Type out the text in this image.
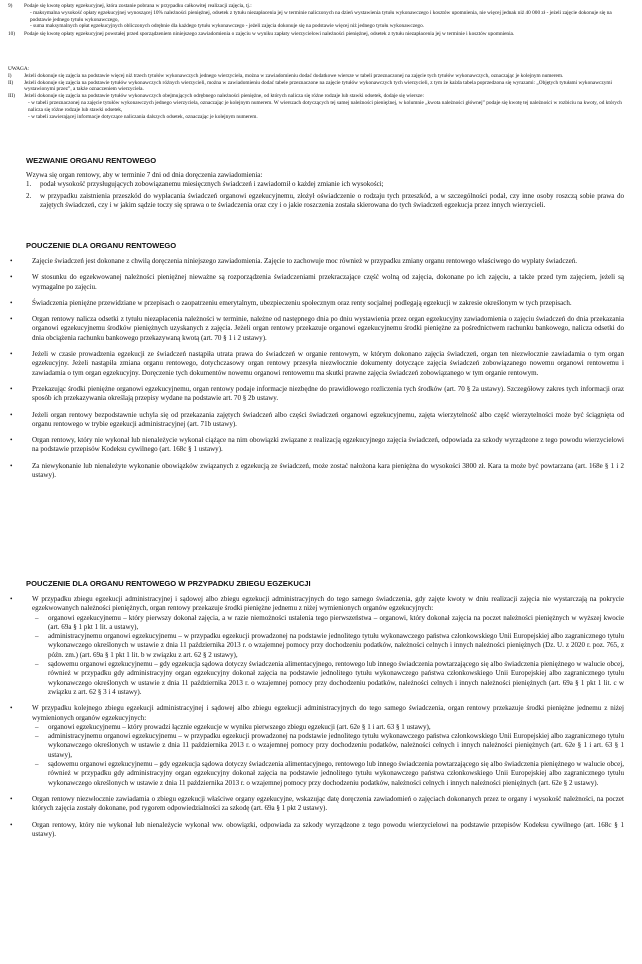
9)	Podaje się kwotę opłaty egzekucyjnej, która zostanie pobrana w przypadku całkowitej realizacji zajęcia, tj.:
- maksymalna wysokość opłaty egzekucyjnej wynoszącej 10% należności pieniężnej, odsetek z tytułu niezapłacenia jej w terminie naliczonych na dzień wystawienia tytułu wykonawczego i kosztów upomnienia, nie więcej jednak niż 40 000 zł - jeżeli zajęcie dokonuje się na podstawie jednego tytułu wykonawczego,
- suma maksymalnych opłat egzekucyjnych obliczonych odrębnie dla każdego tytułu wykonawczego - jeżeli zajęcia dokonuje się na podstawie więcej niż jednego tytułu wykonawczego.
10)	Podaje się kwotę opłaty egzekucyjnej powstałej przed sporządzeniem niniejszego zawiadomienia o zajęciu w wyniku zapłaty wierzycielowi należności pieniężnej, odsetek z tytułu niezapłacenia jej w terminie i kosztów upomnienia.
UWAGA:
I)	Jeżeli dokonuje się zajęcia na podstawie więcej niż trzech tytułów wykonawczych jednego wierzyciela, można w zawiadomieniu dodać dodatkowe wiersze w tabeli przeznaczonej na zajęcie tych tytułów wykonawczych, oznaczając je kolejnym numerem.
II)	Jeżeli dokonuje się zajęcia na podstawie tytułów wykonawczych różnych wierzycieli, można w zawiadomieniu dodać tabele przeznaczone na zajęcie tytułów wykonawczych tych wierzycieli, z tym że każda tabela poprzedzona się wyrazami: „Objętych tytułami wykonawczymi wystawionymi przez”, a także oznaczeniem wierzyciela.
III)	Jeżeli dokonuje się zajęcia na podstawie tytułów wykonawczych obejmujących odrębnego należności pieniężne, od których nalicza się różne rodzaje lub stawki odsetek, dodaje się wiersze:
- w tabeli przeznaczonej na zajęcie tytułów wykonawczych jednego wierzyciela, oznaczając je kolejnym numerem. W wierszach dotyczących tej samej należności pieniężnej, w kolumnie „kwota należności głównej” podaje się kwotę tej należności w rozbiciu na kwoty, od których nalicza się różne rodzaje lub stawki odsetek,
- w tabeli zawierającej informacje dotyczące naliczania dalszych odsetek, oznaczając je kolejnym numerem.
WEZWANIE ORGANU RENTOWEGO
Wzywa się organ rentowy, aby w terminie 7 dni od dnia doręczenia zawiadomienia:
1.	podał wysokość przysługujących zobowiązanemu miesięcznych świadczeń i zawiadomił o każdej zmianie ich wysokości;
2.	w przypadku zaistnienia przeszkód do wypłacania świadczeń organowi egzekucyjnemu, złożył oświadczenie o rodzaju tych przeszkód, a w szczególności podał, czy inne osoby roszczą sobie prawa do zajętych świadczeń, czy i w jakim sądzie toczy się sprawa o te świadczenia oraz czy i o jakie roszczenia została skierowana do tych świadczeń egzekucja przez innych wierzycieli.
POUCZENIE DLA ORGANU RENTOWEGO
• Zajęcie świadczeń jest dokonane z chwilą doręczenia niniejszego zawiadomienia. Zajęcie to zachowuje moc również w przypadku zmiany organu rentowego właściwego do wypłaty świadczeń.
• W stosunku do egzekwowanej należności pieniężnej nieważne są rozporządzenia świadczeniami przekraczające część wolną od zajęcia, dokonane po ich zajęciu, a także przed tym zajęciem, jeżeli są wymagalne po zajęciu.
• Świadczenia pieniężne przewidziane w przepisach o zaopatrzeniu emerytalnym, ubezpieczeniu społecznym oraz renty socjalnej podlegają egzekucji w zakresie określonym w tych przepisach.
• Organ rentowy nalicza odsetki z tytułu niezapłacenia należności w terminie, należne od następnego dnia po dniu wystawienia przez organ egzekucyjny zawiadomienia o zajęciu świadczeń do dnia przekazania organowi egzekucyjnemu środków pieniężnych uzyskanych z zajęcia. Jeżeli organ rentowy przekazuje organowi egzekucyjnemu środki pieniężne za pośrednictwem rachunku bankowego, nalicza odsetki do dnia obciążenia rachunku bankowego przekazywaną kwotą (art. 70 § 1 i 2 ustawy).
• Jeżeli w czasie prowadzenia egzekucji ze świadczeń nastąpiła utrata prawa do świadczeń w organie rentowym, w którym dokonano zajęcia świadczeń, organ ten niezwłocznie zawiadamia o tym organ egzekucyjny. Jeżeli nastąpiła zmiana organu rentowego, dotychczasowy organ rentowy przesyła niezwłocznie dokumenty dotyczące zajęcia świadczeń zobowiązanego nowemu organowi rentowemu i zawiadamia o tym organ egzekucyjny. Doręczenie tych dokumentów nowemu organowi rentowemu ma skutki prawne zajęcia świadczeń zobowiązanego w tym organie rentowym.
• Przekazując środki pieniężne organowi egzekucyjnemu, organ rentowy podaje informacje niezbędne do prawidłowego rozliczenia tych środków (art. 70 § 2a ustawy). Szczegółowy zakres tych informacji oraz sposób ich przekazywania określają przepisy wydane na podstawie art. 70 § 2b ustawy.
• Jeżeli organ rentowy bezpodstawnie uchyla się od przekazania zajętych świadczeń albo części świadczeń organowi egzekucyjnemu, zajęta wierzytelność albo część wierzytelności może być ściągnięta od organu rentowego w trybie egzekucji administracyjnej (art. 71b ustawy).
• Organ rentowy, który nie wykonał lub nienależycie wykonał ciążące na nim obowiązki związane z realizacją egzekucyjnego zajęcia świadczeń, odpowiada za szkody wyrządzone z tego powodu wierzycielowi na podstawie przepisów Kodeksu cywilnego (art. 168c § 1 ustawy).
• Za niewykonanie lub nienależyte wykonanie obowiązków związanych z egzekucją ze świadczeń, może zostać nałożona kara pieniężna do wysokości 3800 zł. Kara ta może być powtarzana (art. 168e § 1 i 2 ustawy).
POUCZENIE DLA ORGANU RENTOWEGO W PRZYPADKU ZBIEGU EGZEKUCJI
• W przypadku zbiegu egzekucji administracyjnej i sądowej albo zbiegu egzekucji administracyjnych do tego samego świadczenia, gdy zajęte kwoty w dniu realizacji zajęcia nie wystarczają na pokrycie egzekwowanych należności pieniężnych, organ rentowy przekazuje środki pieniężne jednemu z niżej wymienionych organów egzekucyjnych:
– organowi egzekucyjnemu – który pierwszy dokonał zajęcia, a w razie niemożności ustalenia tego pierwszeństwa – organowi, który dokonał zajęcia na poczet należności pieniężnych w wyższej kwocie (art. 69a § 1 pkt 1 lit. a ustawy),
– administracyjnemu organowi egzekucyjnemu – w przypadku egzekucji prowadzonej na podstawie jednolitego tytułu wykonawczego państwa członkowskiego Unii Europejskiej albo zagranicznego tytułu wykonawczego określonych w ustawie z dnia 11 października 2013 r. o wzajemnej pomocy przy dochodzeniu podatków, należności celnych i innych należności pieniężnych (Dz. U. z 2020 r. poz. 765, z późn. zm.) (art. 69a § 1 pkt 1 lit. b w związku z art. 62 § 2 ustawy),
– sądowemu organowi egzekucyjnemu – gdy egzekucja sądowa dotyczy świadczenia alimentacyjnego, rentowego lub innego świadczenia powtarzającego się albo świadczenia pieniężnego w walucie obcej, również w przypadku gdy administracyjny organ egzekucyjny dokonał zajęcia na podstawie jednolitego tytułu wykonawczego państwa członkowskiego Unii Europejskiej albo zagranicznego tytułu wykonawczego określonych w ustawie z dnia 11 października 2013 r. o wzajemnej pomocy przy dochodzeniu podatków, należności celnych i innych należności pieniężnych (art. 69a § 1 pkt 1 lit. c w związku z art. 62 § 3 i 4 ustawy).
• W przypadku kolejnego zbiegu egzekucji administracyjnej i sądowej albo zbiegu egzekucji administracyjnych do tego samego świadczenia, organ rentowy przekazuje środki pieniężne jednemu z niżej wymienionych organów egzekucyjnych:
– organowi egzekucyjnemu – który prowadzi łącznie egzekucje w wyniku pierwszego zbiegu egzekucji (art. 62e § 1 i art. 63 § 1 ustawy),
– administracyjnemu organowi egzekucyjnemu – w przypadku egzekucji prowadzonej na podstawie jednolitego tytułu wykonawczego państwa członkowskiego Unii Europejskiej albo zagranicznego tytułu wykonawczego określonych w ustawie z dnia 11 października 2013 r. o wzajemnej pomocy przy dochodzeniu podatków, należności celnych i innych należności pieniężnych (art. 62e § 1 i art. 63 § 1 ustawy),
– sądowemu organowi egzekucyjnemu – gdy egzekucja sądowa dotyczy świadczenia alimentacyjnego, rentowego lub innego świadczenia powtarzającego się albo świadczenia pieniężnego w walucie obcej, również w przypadku gdy administracyjny organ egzekucyjny dokonał zajęcia na podstawie jednolitego tytułu wykonawczego państwa członkowskiego Unii Europejskiej albo zagranicznego tytułu wykonawczego określonych w ustawie z dnia 11 października 2013 r. o wzajemnej pomocy przy dochodzeniu podatków, należności celnych i innych należności pieniężnych (art. 62e § 2 ustawy).
• Organ rentowy niezwłocznie zawiadamia o zbiegu egzekucji właściwe organy egzekucyjne, wskazując datę doręczenia zawiadomień o zajęciach dokonanych przez te organy i wysokość należności, na poczet których zajęcia zostały dokonane, pod rygorem odpowiedzialności za szkodę (art. 69a § 1 pkt 2 ustawy).
• Organ rentowy, który nie wykonał lub nienależycie wykonał ww. obowiązki, odpowiada za szkody wyrządzone z tego powodu wierzycielowi na podstawie przepisów Kodeksu cywilnego (art. 168c § 1 ustawy).
